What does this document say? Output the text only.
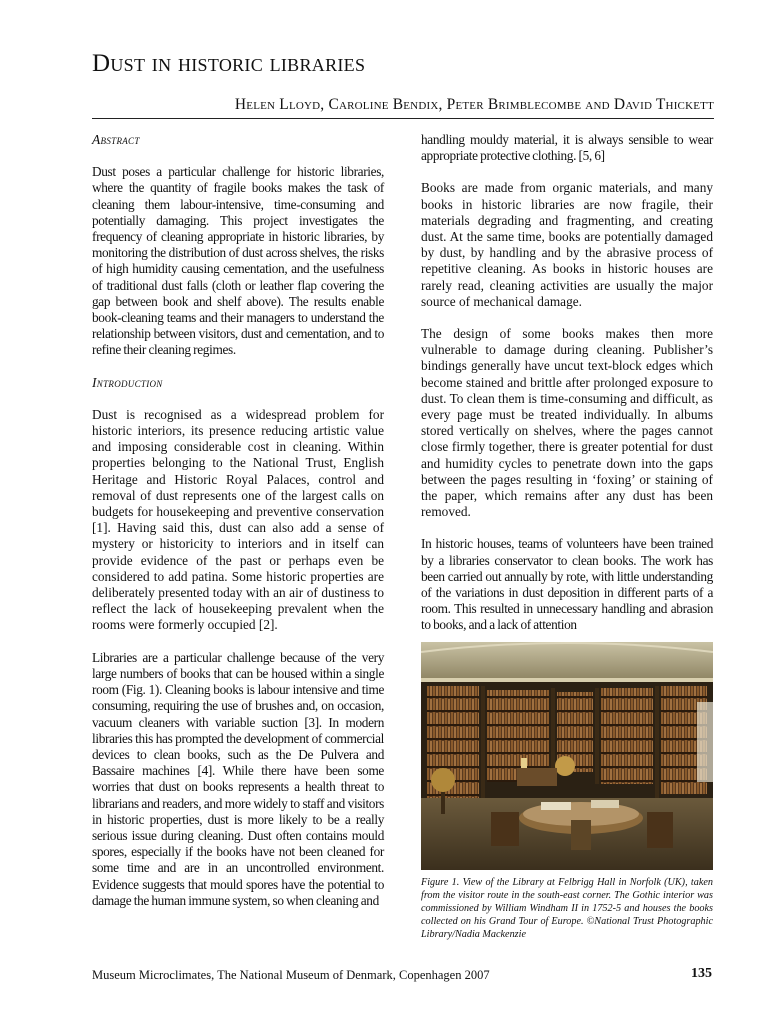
Dust in historic libraries
Helen Lloyd, Caroline Bendix, Peter Brimblecombe and David Thickett
Abstract

Dust poses a particular challenge for historic libraries, where the quantity of fragile books makes the task of cleaning them labour-intensive, time-consuming and potentially damaging. This project investigates the frequency of cleaning appropriate in historic libraries, by monitoring the distribution of dust across shelves, the risks of high humidity causing cementation, and the usefulness of traditional dust falls (cloth or leather flap covering the gap between book and shelf above). The results enable book-cleaning teams and their managers to understand the relationship between visitors, dust and cementation, and to refine their cleaning regimes.

Introduction

Dust is recognised as a widespread problem for historic interiors, its presence reducing artistic value and imposing considerable cost in cleaning. Within properties belonging to the National Trust, English Heritage and Historic Royal Palaces, control and removal of dust represents one of the largest calls on budgets for housekeeping and preventive conservation [1]. Having said this, dust can also add a sense of mystery or historicity to interiors and in itself can provide evidence of the past or perhaps even be considered to add patina. Some historic properties are deliberately presented today with an air of dustiness to reflect the lack of housekeeping prevalent when the rooms were formerly occupied [2].

Libraries are a particular challenge because of the very large numbers of books that can be housed within a single room (Fig. 1). Cleaning books is labour intensive and time consuming, requiring the use of brushes and, on occasion, vacuum cleaners with variable suction [3]. In modern libraries this has prompted the development of commercial devices to clean books, such as the De Pulvera and Bassaire machines [4]. While there have been some worries that dust on books represents a health threat to librarians and readers, and more widely to staff and visitors in historic properties, dust is more likely to be a really serious issue during cleaning. Dust often contains mould spores, especially if the books have not been cleaned for some time and are in an uncontrolled environment. Evidence suggests that mould spores have the potential to damage the human immune system, so when cleaning and

handling mouldy material, it is always sensible to wear appropriate protective clothing. [5, 6]

Books are made from organic materials, and many books in historic libraries are now fragile, their materials degrading and fragmenting, and creating dust. At the same time, books are potentially damaged by dust, by handling and by the abrasive process of repetitive cleaning. As books in historic houses are rarely read, cleaning activities are usually the major source of mechanical damage.

The design of some books makes then more vulnerable to damage during cleaning. Publisher’s bindings generally have uncut text-block edges which become stained and brittle after prolonged exposure to dust. To clean them is time-consuming and difficult, as every page must be treated individually. In albums stored vertically on shelves, where the pages cannot close firmly together, there is greater potential for dust and humidity cycles to penetrate down into the gaps between the pages resulting in ‘foxing’ or staining of the paper, which remains after any dust has been removed.

In historic houses, teams of volunteers have been trained by a libraries conservator to clean books. The work has been carried out annually by rote, with little understanding of the variations in dust deposition in different parts of a room. This resulted in unnecessary handling and abrasion to books, and a lack of attention

Figure 1. View of the Library at Felbrigg Hall in Norfolk (UK), taken from the visitor route in the south-east corner. The Gothic interior was commissioned by William Windham II in 1752-5 and houses the books collected on his Grand Tour of Europe. ©National Trust Photographic Library/Nadia Mackenzie

Museum Microclimates, The National Museum of Denmark, Copenhagen 2007	135
